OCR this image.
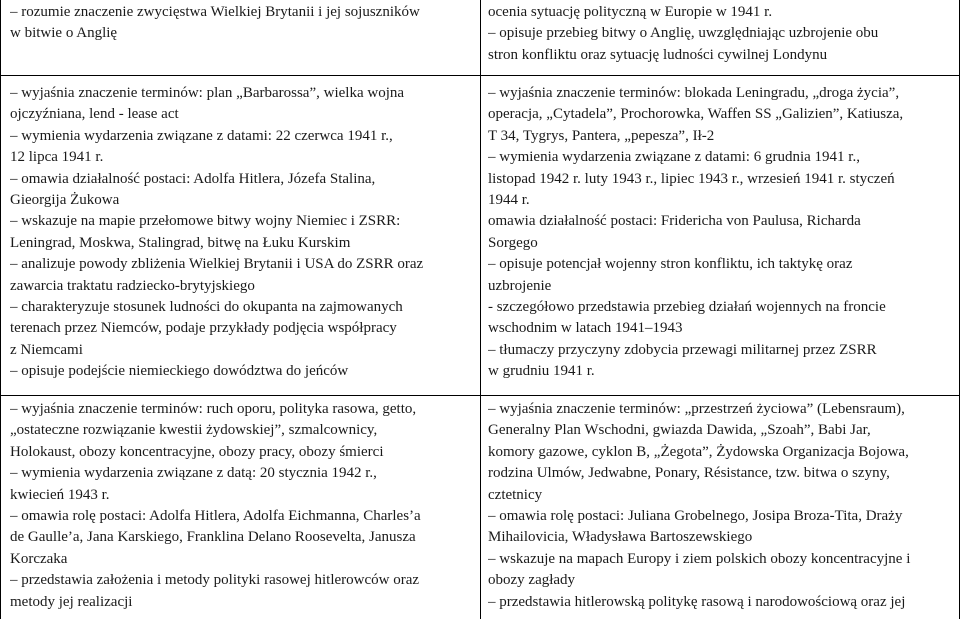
– rozumie znaczenie zwycięstwa Wielkiej Brytanii i jej sojuszników
w bitwie o Anglię
ocenia sytuację polityczną w Europie w 1941 r.
– opisuje przebieg bitwy o Anglię, uwzględniając uzbrojenie obu
stron konfliktu oraz sytuację ludności cywilnej Londynu
– wyjaśnia znaczenie terminów: plan „Barbarossa”, wielka wojna
ojczyźniana, lend - lease act
– wymienia wydarzenia związane z datami: 22 czerwca 1941 r.,
12 lipca 1941 r.
– omawia działalność postaci: Adolfa Hitlera, Józefa Stalina,
Gieorgija Żukowa
– wskazuje na mapie przełomowe bitwy wojny Niemiec i ZSRR:
Leningrad, Moskwa, Stalingrad, bitwę na Łuku Kurskim
– analizuje powody zbliżenia Wielkiej Brytanii i USA do ZSRR oraz
zawarcia traktatu radziecko-brytyjskiego
– charakteryzuje stosunek ludności do okupanta na zajmowanych
terenach przez Niemców, podaje przykłady podjęcia współpracy
z Niemcami
– opisuje podejście niemieckiego dowództwa do jeńców
– wyjaśnia znaczenie terminów: blokada Leningradu, „droga życia”,
operacja, „Cytadela”, Prochorowka, Waffen SS „Galizien”, Katiusza,
T 34, Tygrys, Pantera, „pepesza”, Ił-2
– wymienia wydarzenia związane z datami: 6 grudnia 1941 r.,
listopad 1942 r. luty 1943 r., lipiec 1943 r., wrzesień 1941 r. styczeń
1944 r.
omawia działalność postaci: Fridericha von Paulusa, Richarda
Sorgego
– opisuje potencjał wojenny stron konfliktu, ich taktykę oraz
uzbrojenie
- szczegółowo przedstawia przebieg działań wojennych na froncie
wschodnim w latach 1941–1943
– tłumaczy przyczyny zdobycia przewagi militarnej przez ZSRR
w grudniu 1941 r.
– wyjaśnia znaczenie terminów: ruch oporu, polityka rasowa, getto,
„ostateczne rozwiązanie kwestii żydowskiej”, szmalcownicy,
Holokaust, obozy koncentracyjne, obozy pracy, obozy śmierci
– wymienia wydarzenia związane z datą: 20 stycznia 1942 r.,
kwiecień 1943 r.
– omawia rolę postaci: Adolfa Hitlera, Adolfa Eichmanna, Charles’a
de Gaulle’a, Jana Karskiego, Franklina Delano Roosevelta, Janusza
Korczaka
– przedstawia założenia i metody polityki rasowej hitlerowców oraz
metody jej realizacji
– wyjaśnia znaczenie terminów: „przestrzeń życiowa” (Lebensraum),
Generalny Plan Wschodni, gwiazda Dawida, „Szoah”, Babi Jar,
komory gazowe, cyklon B, „Żegota”, Żydowska Organizacja Bojowa,
rodzina Ulmów, Jedwabne, Ponary, Résistance, tzw. bitwa o szyny,
cztetnicy
– omawia rolę postaci: Juliana Grobelnego, Josipa Broza-Tita, Draży
Mihailovicia, Władysława Bartoszewskiego
– wskazuje na mapach Europy i ziem polskich obozy koncentracyjne i
obozy zagłady
– przedstawia hitlerowską politykę rasową i narodowościową oraz jej
